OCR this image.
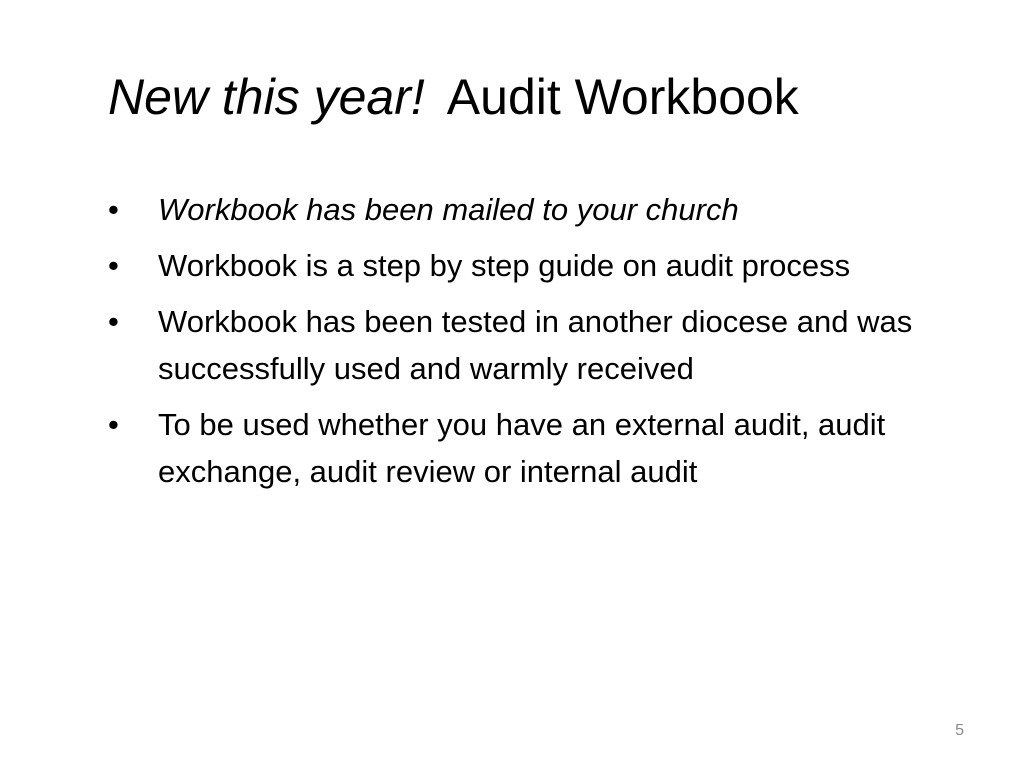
New this year! Audit Workbook
• Workbook has been mailed to your church
• Workbook is a step by step guide on audit process
• Workbook has been tested in another diocese and was successfully used and warmly received
• To be used whether you have an external audit, audit exchange, audit review or internal audit
5
